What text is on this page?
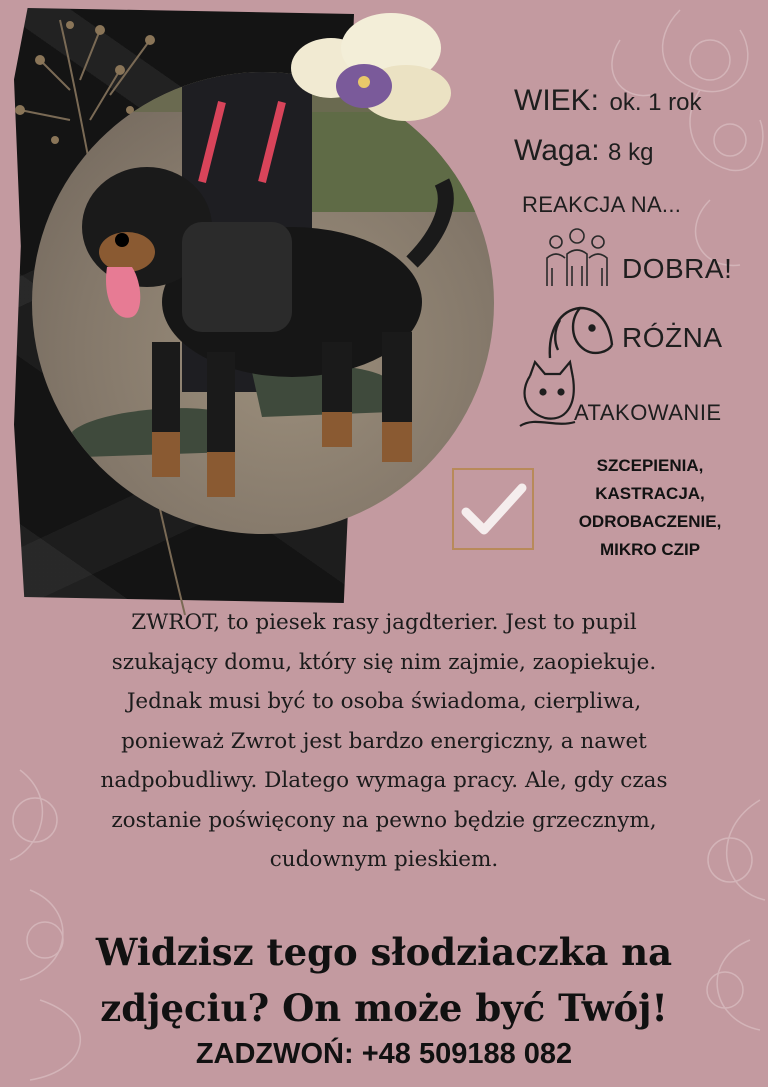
WIEK: ok. 1 rok
Waga: 8 kg
REAKCJA NA...
DOBRA!
RÓŻNA
ATAKOWANIE
SZCEPIENIA,
KASTRACJA,
ODROBACZENIE,
MIKRO CZIP
ZWROT, to piesek rasy jagdterier. Jest to pupil
szukający domu, który się nim zajmie, zaopiekuje.
Jednak musi być to osoba świadoma, cierpliwa,
ponieważ Zwrot jest bardzo energiczny, a nawet
nadpobudliwy. Dlatego wymaga pracy. Ale, gdy czas
zostanie poświęcony na pewno będzie grzecznym,
cudownym pieskiem.
Widzisz tego słodziaczka na
zdjęciu? On może być Twój!
ZADZWOŃ: +48 509188 082
